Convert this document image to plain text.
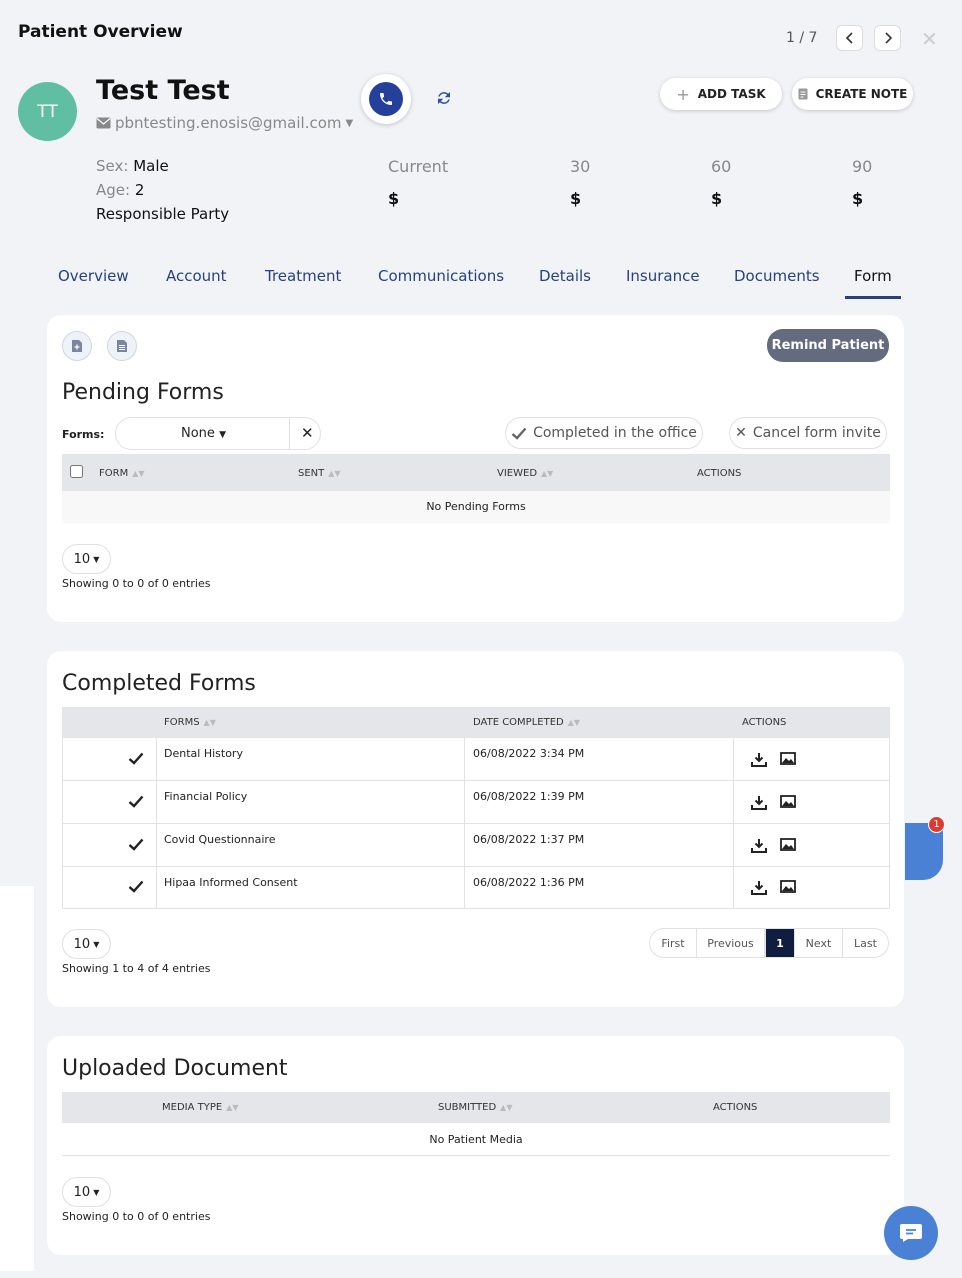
Patient Overview	1 / 7	✕
TT
Test Test
pbntesting.enosis@gmail.com ▼
+ ADD TASK	CREATE NOTE
Sex: Male
Age: 2
Responsible Party
Current	30	60	90
$	$	$	$
Overview Account	Treatment Communications Details Insurance Documents Form
Remind Patient
Pending Forms
Forms:	None ▼	✕	Completed in the office	✕ Cancel form invite
FORM ▲▼	SENT ▲▼	VIEWED ▲▼	ACTIONS
No Pending Forms
10 ▼
Showing 0 to 0 of 0 entries
Completed Forms
FORMS ▲▼	DATE COMPLETED ▲▼	ACTIONS
Dental History	06/08/2022 3:34 PM
Financial Policy	06/08/2022 1:39 PM
Covid Questionnaire	06/08/2022 1:37 PM
Hipaa Informed Consent	06/08/2022 1:36 PM
10 ▼
Showing 1 to 4 of 4 entries
First	Previous	1	Next	Last
Uploaded Document
MEDIA TYPE ▲▼	SUBMITTED ▲▼	ACTIONS
No Patient Media
10 ▼
Showing 0 to 0 of 0 entries
1
